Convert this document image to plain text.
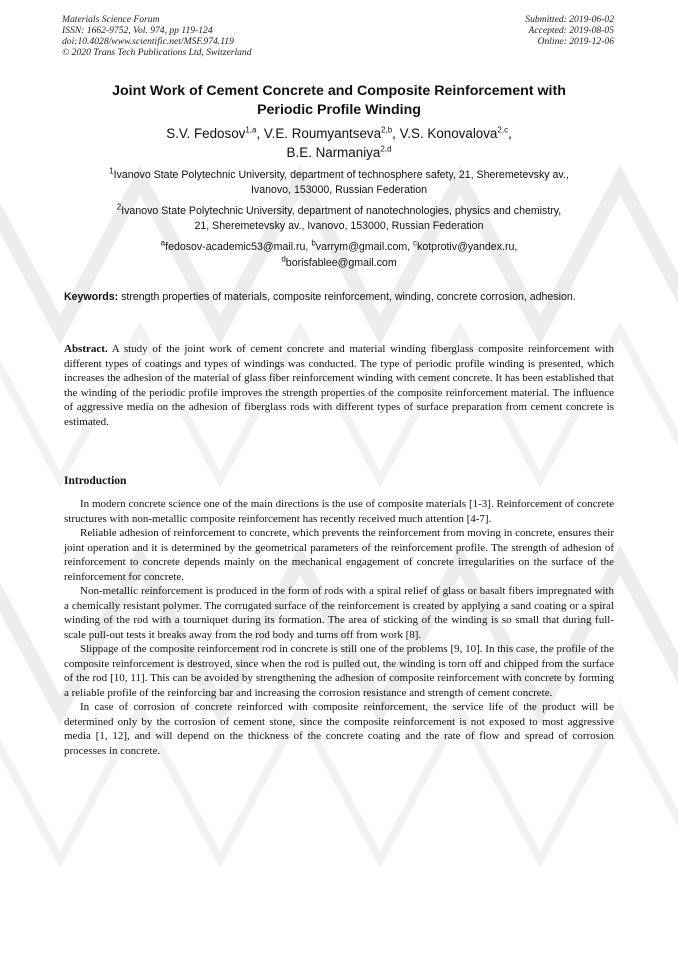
Materials Science Forum
ISSN: 1662-9752, Vol. 974, pp 119-124
doi:10.4028/www.scientific.net/MSF.974.119
© 2020 Trans Tech Publications Ltd, Switzerland
Submitted: 2019-06-02
Accepted: 2019-08-05
Online: 2019-12-06
Joint Work of Cement Concrete and Composite Reinforcement with
Periodic Profile Winding
S.V. Fedosov$^{1,a}$, V.E. Roumyantseva$^{2,b}$, V.S. Konovalova$^{2,c}$,
B.E. Narmaniya$^{2,d}$
$^1$Ivanovo State Polytechnic University, department of technosphere safety, 21, Sheremetevsky av.,
Ivanovo, 153000, Russian Federation
$^2$Ivanovo State Polytechnic University, department of nanotechnologies, physics and chemistry,
21, Sheremetevsky av., Ivanovo, 153000, Russian Federation
$^a$fedosov-academic53@mail.ru, $^b$varrym@gmail.com, $^c$kotprotiv@yandex.ru,
$^d$borisfablee@gmail.com
Keywords: strength properties of materials, composite reinforcement, winding, concrete corrosion, adhesion.
Abstract. A study of the joint work of cement concrete and material winding fiberglass composite reinforcement with different types of coatings and types of windings was conducted. The type of periodic profile winding is presented, which increases the adhesion of the material of glass fiber reinforcement winding with cement concrete. It has been established that the winding of the periodic profile improves the strength properties of the composite reinforcement material. The influence of aggressive media on the adhesion of fiberglass rods with different types of surface preparation from cement concrete is estimated.
Introduction

In modern concrete science one of the main directions is the use of composite materials [1-3]. Reinforcement of concrete structures with non-metallic composite reinforcement has recently received much attention [4-7].

Reliable adhesion of reinforcement to concrete, which prevents the reinforcement from moving in concrete, ensures their joint operation and it is determined by the geometrical parameters of the reinforcement profile. The strength of adhesion of reinforcement to concrete depends mainly on the mechanical engagement of concrete irregularities on the surface of the reinforcement for concrete.

Non-metallic reinforcement is produced in the form of rods with a spiral relief of glass or basalt fibers impregnated with a chemically resistant polymer. The corrugated surface of the reinforcement is created by applying a sand coating or a spiral winding of the rod with a tourniquet during its formation. The area of sticking of the winding is so small that during full-scale pull-out tests it breaks away from the rod body and turns off from work [8].

Slippage of the composite reinforcement rod in concrete is still one of the problems [9, 10]. In this case, the profile of the composite reinforcement is destroyed, since when the rod is pulled out, the winding is torn off and chipped from the surface of the rod [10, 11]. This can be avoided by strengthening the adhesion of composite reinforcement with concrete by forming a reliable profile of the reinforcing bar and increasing the corrosion resistance and strength of cement concrete.

In case of corrosion of concrete reinforced with composite reinforcement, the service life of the product will be determined only by the corrosion of cement stone, since the composite reinforcement is not exposed to most aggressive media [1, 12], and will depend on the thickness of the concrete coating and the rate of flow and spread of corrosion processes in concrete.
